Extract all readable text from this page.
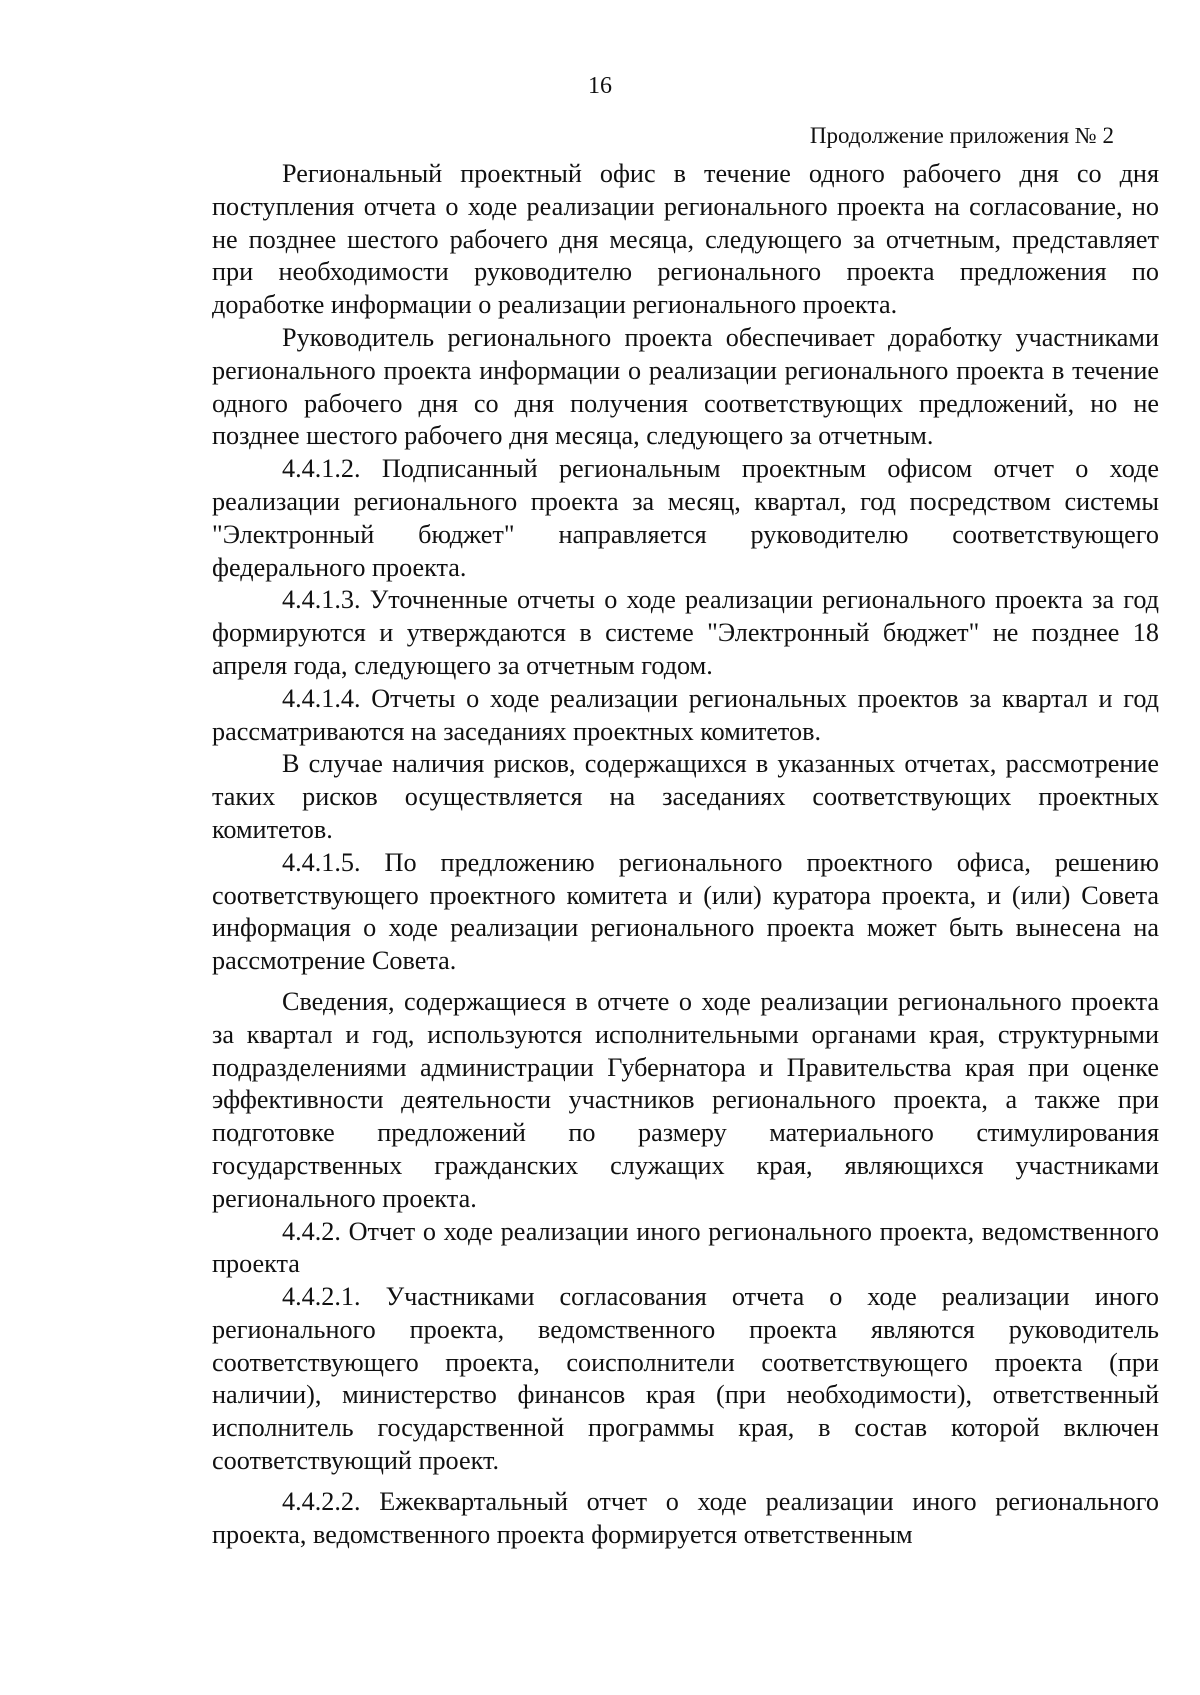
16
Продолжение приложения № 2

Региональный проектный офис в течение одного рабочего дня со дня поступления отчета о ходе реализации регионального проекта на согласование, но не позднее шестого рабочего дня месяца, следующего за отчетным, представляет при необходимости руководителю регионального проекта предложения по доработке информации о реализации регионального проекта.

Руководитель регионального проекта обеспечивает доработку участниками регионального проекта информации о реализации регионального проекта в течение одного рабочего дня со дня получения соответствующих предложений, но не позднее шестого рабочего дня месяца, следующего за отчетным.

4.4.1.2. Подписанный региональным проектным офисом отчет о ходе реализации регионального проекта за месяц, квартал, год посредством системы "Электронный бюджет" направляется руководителю соответствующего федерального проекта.

4.4.1.3. Уточненные отчеты о ходе реализации регионального проекта за год формируются и утверждаются в системе "Электронный бюджет" не позднее 18 апреля года, следующего за отчетным годом.

4.4.1.4. Отчеты о ходе реализации региональных проектов за квартал и год рассматриваются на заседаниях проектных комитетов.

В случае наличия рисков, содержащихся в указанных отчетах, рассмотрение таких рисков осуществляется на заседаниях соответствующих проектных комитетов.

4.4.1.5. По предложению регионального проектного офиса, решению соответствующего проектного комитета и (или) куратора проекта, и (или) Совета информация о ходе реализации регионального проекта может быть вынесена на рассмотрение Совета.

Сведения, содержащиеся в отчете о ходе реализации регионального проекта за квартал и год, используются исполнительными органами края, структурными подразделениями администрации Губернатора и Правительства края при оценке эффективности деятельности участников регионального проекта, а также при подготовке предложений по размеру материального стимулирования государственных гражданских служащих края, являющихся участниками регионального проекта.

4.4.2. Отчет о ходе реализации иного регионального проекта, ведомственного проекта

4.4.2.1. Участниками согласования отчета о ходе реализации иного регионального проекта, ведомственного проекта являются руководитель соответствующего проекта, соисполнители соответствующего проекта (при наличии), министерство финансов края (при необходимости), ответственный исполнитель государственной программы края, в состав которой включен соответствующий проект.

4.4.2.2. Ежеквартальный отчет о ходе реализации иного регионального проекта, ведомственного проекта формируется ответственным
